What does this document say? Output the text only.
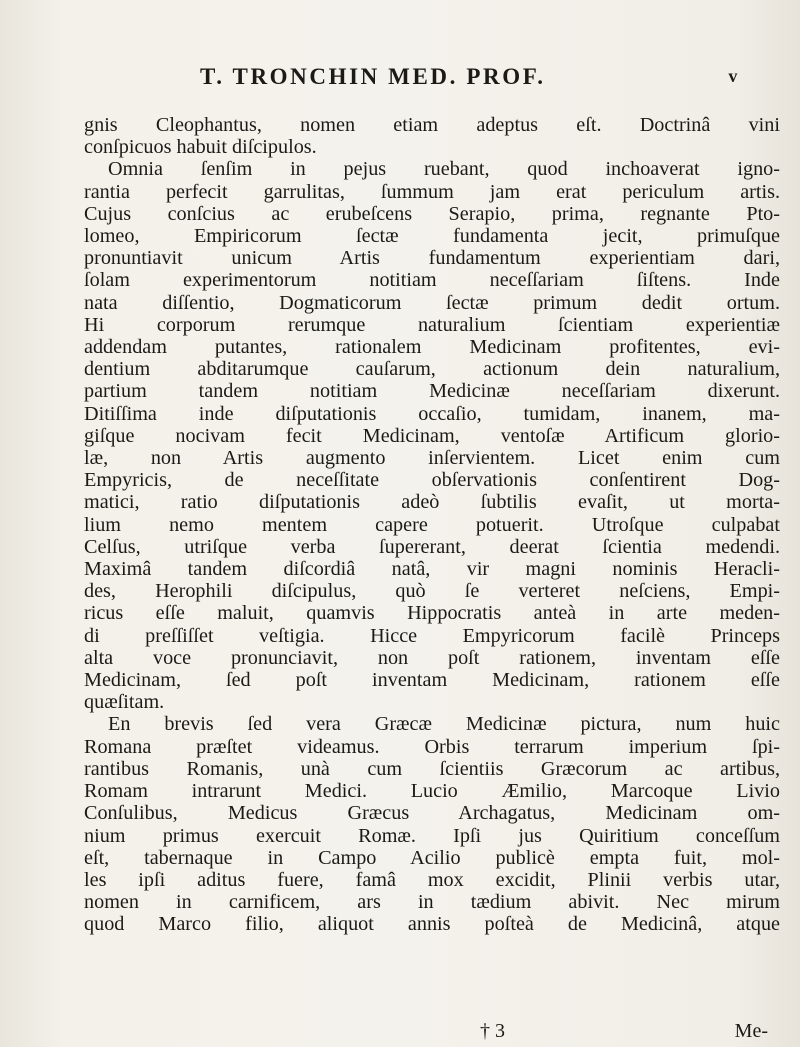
T. TRONCHIN MED. PROF.	v

gnis Cleophantus, nomen etiam adeptus eſt. Doctrinâ vini

conſpicuos habuit diſcipulos.

Omnia ſenſim in pejus ruebant, quod inchoaverat igno-

rantia perfecit garrulitas, ſummum jam erat periculum artis.

Cujus conſcius ac erubeſcens Serapio, prima, regnante Pto-

lomeo, Empiricorum ſectæ fundamenta jecit, primuſque

pronuntiavit unicum Artis fundamentum experientiam dari,

ſolam experimentorum notitiam neceſſariam ſiſtens. Inde

nata diſſentio, Dogmaticorum ſectæ primum dedit ortum.

Hi corporum rerumque naturalium ſcientiam experientiæ

addendam putantes, rationalem Medicinam profitentes, evi-

dentium abditarumque cauſarum, actionum dein naturalium,

partium tandem notitiam Medicinæ neceſſariam dixerunt.

Ditiſſima inde diſputationis occaſio, tumidam, inanem, ma-

giſque nocivam fecit Medicinam, ventoſæ Artificum glorio-

læ, non Artis augmento inſervientem. Licet enim cum

Empyricis, de neceſſitate obſervationis conſentirent Dog-

matici, ratio diſputationis adeò ſubtilis evaſit, ut morta-

lium nemo mentem capere potuerit. Utroſque culpabat

Celſus, utriſque verba ſupererant, deerat ſcientia medendi.

Maximâ tandem diſcordiâ natâ, vir magni nominis Heracli-

des, Herophili diſcipulus, quò ſe verteret neſciens, Empi-

ricus eſſe maluit, quamvis Hippocratis anteà in arte meden-

di preſſiſſet veſtigia. Hicce Empyricorum facilè Princeps

alta voce pronunciavit, non poſt rationem, inventam eſſe

Medicinam, ſed poſt inventam Medicinam, rationem eſſe

quæſitam.

En brevis ſed vera Græcæ Medicinæ pictura, num huic

Romana præſtet videamus. Orbis terrarum imperium ſpi-

rantibus Romanis, unà cum ſcientiis Græcorum ac artibus,

Romam intrarunt Medici. Lucio Æmilio, Marcoque Livio

Conſulibus, Medicus Græcus Archagatus, Medicinam om-

nium primus exercuit Romæ. Ipſi jus Quiritium conceſſum

eſt, tabernaque in Campo Acilio publicè empta fuit, mol-

les ipſi aditus fuere, famâ mox excidit, Plinii verbis utar,

nomen in carnificem, ars in tædium abivit. Nec mirum

quod Marco filio, aliquot annis poſteà de Medicinâ, atque

† 3	Me-
